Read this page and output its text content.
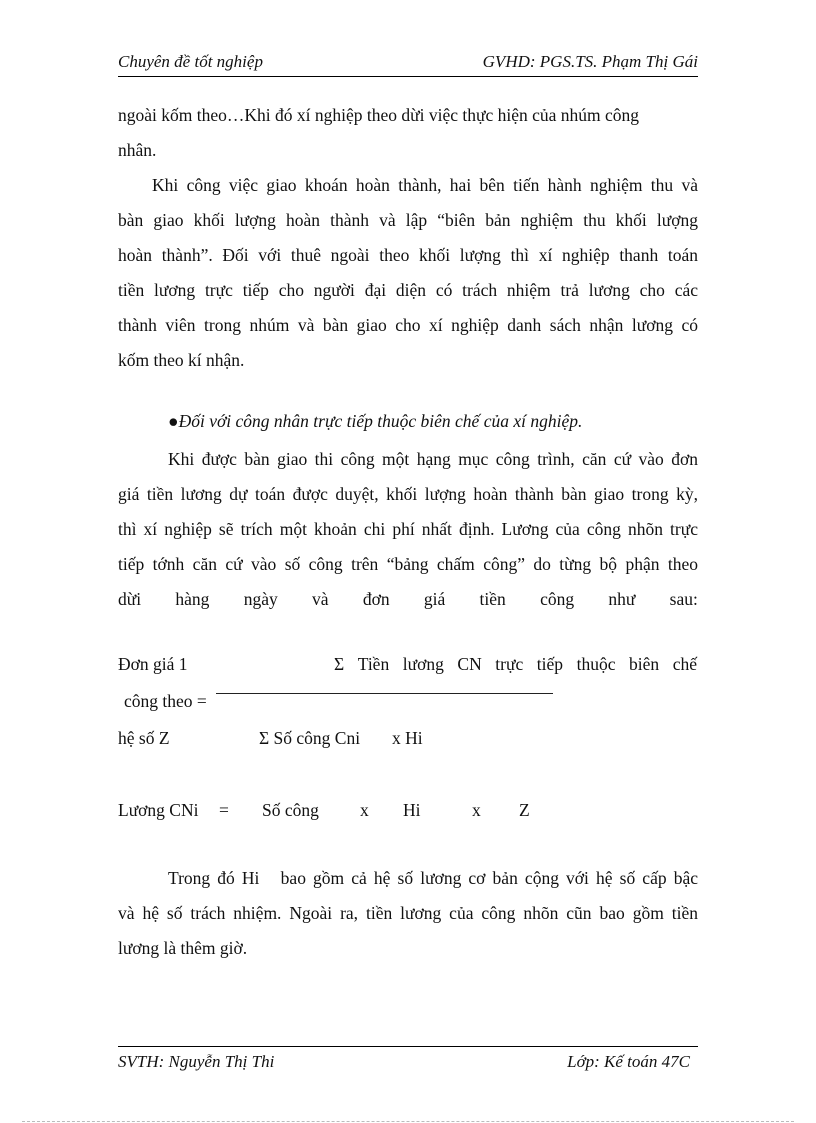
Chuyên đề tốt nghiệp	GVHD: PGS.TS. Phạm Thị Gái
ngoài kốm theo…Khi đó xí nghiệp theo dừi việc thực hiện của nhúm công
nhân.
Khi công việc giao khoán hoàn thành, hai bên tiến hành nghiệm thu và
bàn giao khối lượng hoàn thành và lập “biên bản nghiệm thu khối lượng
hoàn thành”. Đối với thuê ngoài theo khối lượng thì xí nghiệp thanh toán
tiền lương trực tiếp cho người đại diện có trách nhiệm trả lương cho các
thành viên trong nhúm và bàn giao cho xí nghiệp danh sách nhận lương có
kốm theo kí nhận.
●Đối với công nhân trực tiếp thuộc biên chế của xí nghiệp.
Khi được bàn giao thi công một hạng mục công trình, căn cứ vào đơn
giá tiền lương dự toán được duyệt, khối lượng hoàn thành bàn giao trong kỳ,
thì xí nghiệp sẽ trích một khoản chi phí nhất định. Lương của công nhõn trực
tiếp tớnh căn cứ vào số công trên “bảng chấm công” do từng bộ phận theo
dừi hàng ngày và đơn giá tiền công như sau:
Đơn giá 1	Σ Tiền lương CN trực tiếp thuộc biên chế
công theo =
hệ số Z	Σ Số công Cni x Hi
Lương CNi = Số công x Hi	x Z
Trong đó Hi   bao gồm cả hệ số lương cơ bản cộng với hệ số cấp bậc
và hệ số trách nhiệm. Ngoài ra, tiền lương của công nhõn cũn bao gồm tiền
lương là thêm giờ.
SVTH: Nguyễn Thị Thi	Lớp: Kế toán 47C
